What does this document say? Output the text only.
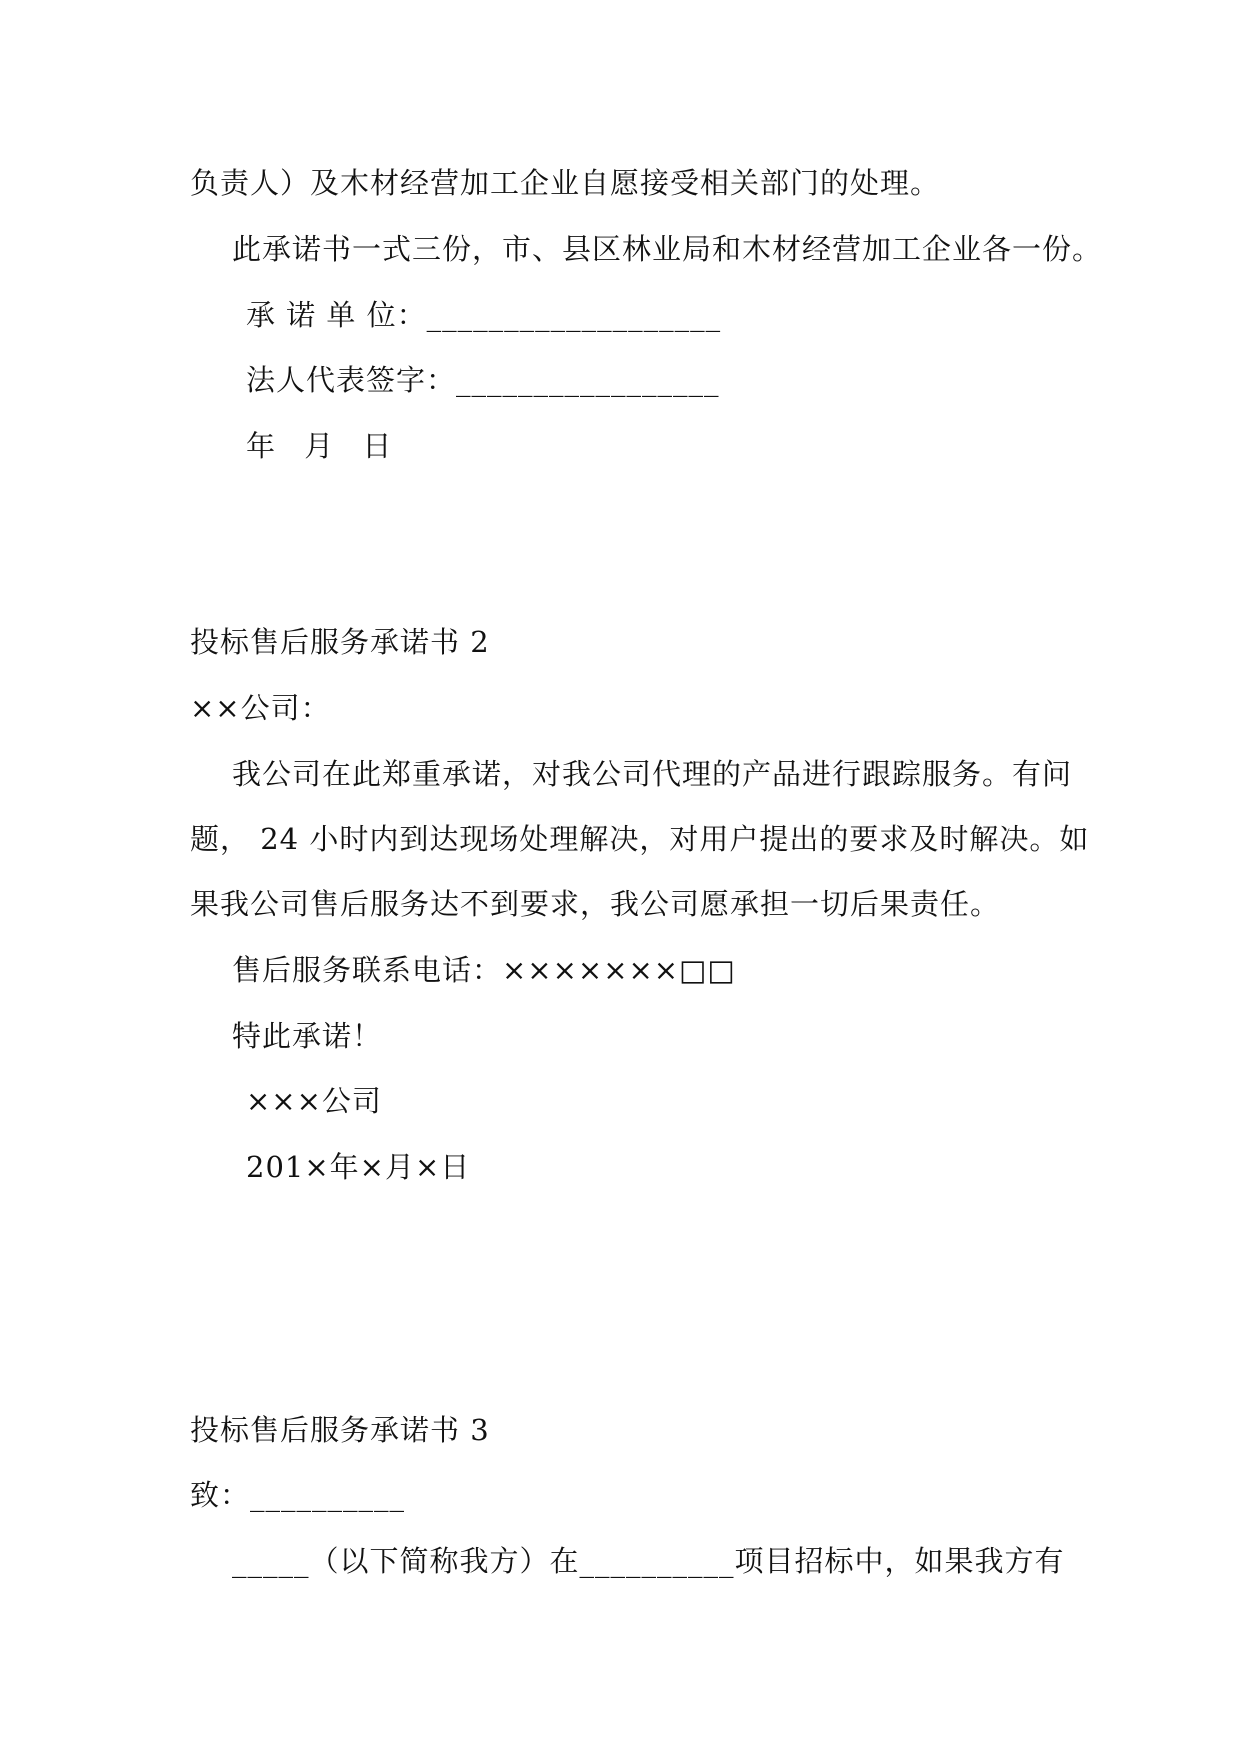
负责人）及木材经营加工企业自愿接受相关部门的处理。
此承诺书一式三份，市、县区林业局和木材经营加工企业各一份。
承 诺 单 位：___________________
法人代表签字：_________________
年 月 日
投标售后服务承诺书 2
××公司：
我公司在此郑重承诺，对我公司代理的产品进行跟踪服务。有问
题， 24 小时内到达现场处理解决，对用户提出的要求及时解决。如
果我公司售后服务达不到要求，我公司愿承担一切后果责任。
售后服务联系电话：×××××××□□
特此承诺！
×××公司
201×年×月×日
投标售后服务承诺书 3
致：__________
_____（以下简称我方）在__________项目招标中，如果我方有
